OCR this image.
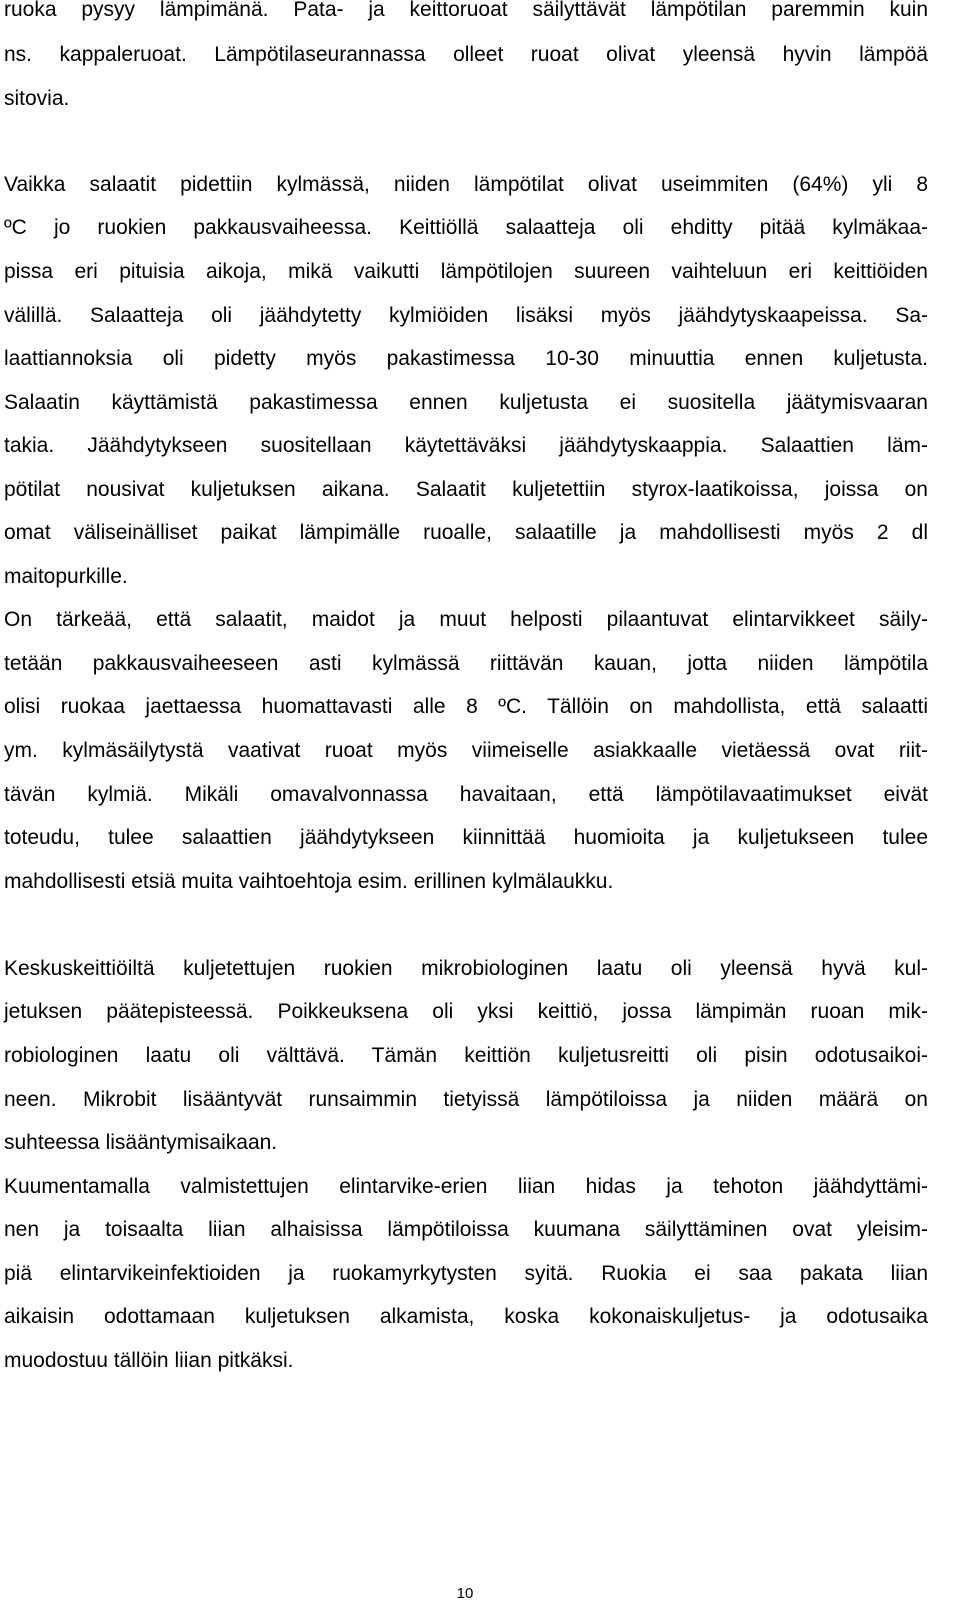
ruoka pysyy lämpimänä. Pata- ja keittoruoat säilyttävät lämpötilan paremmin kuin
ns. kappaleruoat. Lämpötilaseurannassa olleet ruoat olivat yleensä hyvin lämpöä
sitovia.
Vaikka salaatit pidettiin kylmässä, niiden lämpötilat olivat useimmiten (64%) yli 8
ºC jo ruokien pakkausvaiheessa. Keittiöllä salaatteja oli ehditty pitää kylmäkaa-
pissa eri pituisia aikoja, mikä vaikutti lämpötilojen suureen vaihteluun eri keittiöiden
välillä. Salaatteja oli jäähdytetty kylmiöiden lisäksi myös jäähdytyskaapeissa. Sa-
laattiannoksia oli pidetty myös pakastimessa 10-30 minuuttia ennen kuljetusta.
Salaatin käyttämistä pakastimessa ennen kuljetusta ei suositella jäätymisvaaran
takia. Jäähdytykseen suositellaan käytettäväksi jäähdytyskaappia. Salaattien läm-
pötilat nousivat kuljetuksen aikana. Salaatit kuljetettiin styrox-laatikoissa, joissa on
omat väliseinälliset paikat lämpimälle ruoalle, salaatille ja mahdollisesti myös 2 dl
maitopurkille.
On tärkeää, että salaatit, maidot ja muut helposti pilaantuvat elintarvikkeet säily-
tetään pakkausvaiheeseen asti kylmässä riittävän kauan, jotta niiden lämpötila
olisi ruokaa jaettaessa huomattavasti alle 8 ºC. Tällöin on mahdollista, että salaatti
ym. kylmäsäilytystä vaativat ruoat myös viimeiselle asiakkaalle vietäessä ovat riit-
tävän kylmiä. Mikäli omavalvonnassa havaitaan, että lämpötilavaatimukset eivät
toteudu, tulee salaattien jäähdytykseen kiinnittää huomioita ja kuljetukseen tulee
mahdollisesti etsiä muita vaihtoehtoja esim. erillinen kylmälaukku.
Keskuskeittiöiltä kuljetettujen ruokien mikrobiologinen laatu oli yleensä hyvä kul-
jetuksen päätepisteessä. Poikkeuksena oli yksi keittiö, jossa lämpimän ruoan mik-
robiologinen laatu oli välttävä. Tämän keittiön kuljetusreitti oli pisin odotusaikoi-
neen. Mikrobit lisääntyvät runsaimmin tietyissä lämpötiloissa ja niiden määrä on
suhteessa lisääntymisaikaan.
Kuumentamalla valmistettujen elintarvike-erien liian hidas ja tehoton jäähdyttämi-
nen ja toisaalta liian alhaisissa lämpötiloissa kuumana säilyttäminen ovat yleisim-
piä elintarvikeinfektioiden ja ruokamyrkytysten syitä. Ruokia ei saa pakata liian
aikaisin odottamaan kuljetuksen alkamista, koska kokonaiskuljetus- ja odotusaika
muodostuu tällöin liian pitkäksi.
10
